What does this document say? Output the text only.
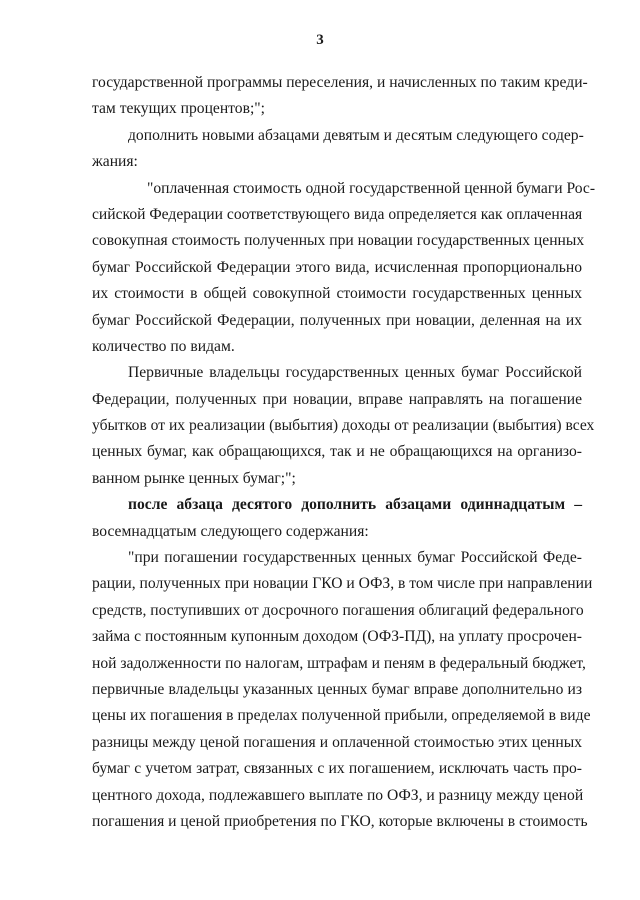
3
государственной программы переселения, и начисленных по таким креди-
там текущих процентов;";
дополнить новыми абзацами девятым и десятым следующего содер-
жания:
"оплаченная стоимость одной государственной ценной бумаги Рос-
сийской Федерации соответствующего вида определяется как оплаченная
совокупная стоимость полученных при новации государственных ценных
бумаг Российской Федерации этого вида, исчисленная пропорционально
их стоимости в общей совокупной стоимости государственных ценных
бумаг Российской Федерации, полученных при новации, деленная на их
количество по видам.
Первичные владельцы государственных ценных бумаг Российской
Федерации, полученных при новации, вправе направлять на погашение
убытков от их реализации (выбытия) доходы от реализации (выбытия) всех
ценных бумаг, как обращающихся, так и не обращающихся на организо-
ванном рынке ценных бумаг;";
после абзаца десятого дополнить абзацами одиннадцатым –
восемнадцатым следующего содержания:
"при погашении государственных ценных бумаг Российской Феде-
рации, полученных при новации ГКО и ОФЗ, в том числе при направлении
средств, поступивших от досрочного погашения облигаций федерального
займа с постоянным купонным доходом (ОФЗ-ПД), на уплату просрочен-
ной задолженности по налогам, штрафам и пеням в федеральный бюджет,
первичные владельцы указанных ценных бумаг вправе дополнительно из
цены их погашения в пределах полученной прибыли, определяемой в виде
разницы между ценой погашения и оплаченной стоимостью этих ценных
бумаг с учетом затрат, связанных с их погашением, исключать часть про-
центного дохода, подлежавшего выплате по ОФЗ, и разницу между ценой
погашения и ценой приобретения по ГКО, которые включены в стоимость
